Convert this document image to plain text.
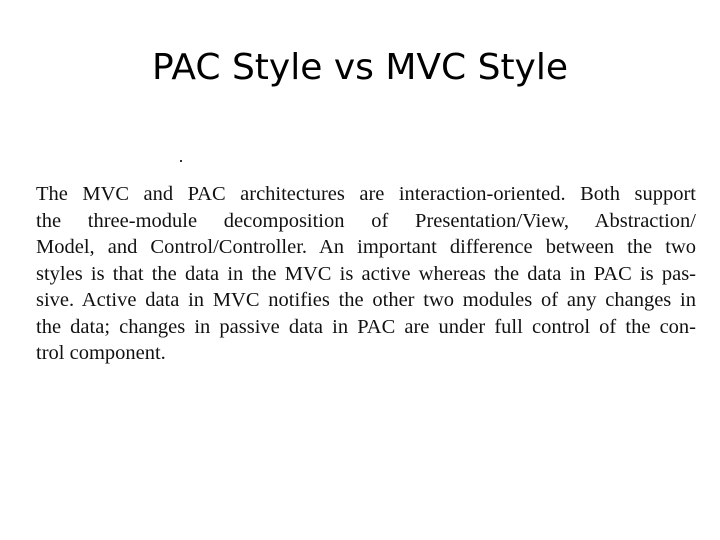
PAC Style vs MVC Style
The MVC and PAC architectures are interaction-oriented. Both support
the three-module decomposition of Presentation/View, Abstraction/
Model, and Control/Controller. An important difference between the two
styles is that the data in the MVC is active whereas the data in PAC is pas-
sive. Active data in MVC notifies the other two modules of any changes in
the data; changes in passive data in PAC are under full control of the con-
trol component.
